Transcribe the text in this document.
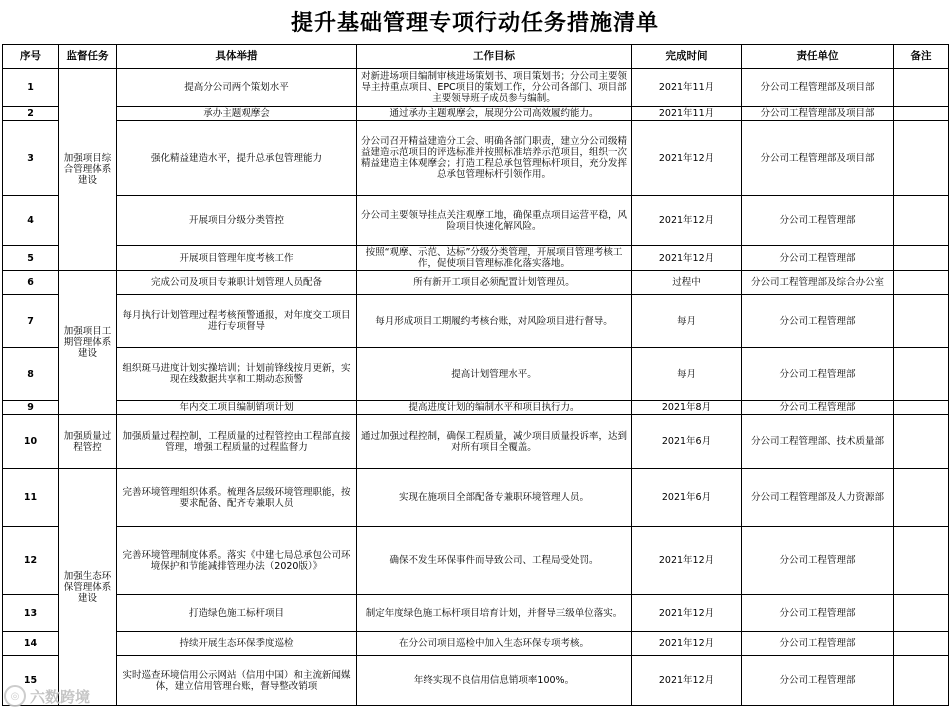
提升基础管理专项行动任务措施清单
序号	监督任务	具体举措	工作目标	完成时间	责任单位	备注
1	加强项目综合管理体系建设	提高分公司两个策划水平	对新进场项目编制审核进场策划书、项目策划书；分公司主要领导主持重点项目、EPC项目的策划工作，分公司各部门、项目部主要领导班子成员参与编制。	2021年11月	分公司工程管理部及项目部	
2		承办主题观摩会	通过承办主题观摩会，展现分公司高效履约能力。	2021年11月	分公司工程管理部及项目部	
3		强化精益建造水平，提升总承包管理能力	分公司召开精益建造分工会、明确各部门职责，建立分公司级精益建造示范项目的评选标准并按照标准培养示范项目，组织一次精益建造主体观摩会；打造工程总承包管理标杆项目，充分发挥总承包管理标杆引领作用。	2021年12月	分公司工程管理部及项目部	
4		开展项目分级分类管控	分公司主要领导挂点关注观摩工地，确保重点项目运营平稳，风险项目快速化解风险。	2021年12月	分公司工程管理部	
5		开展项目管理年度考核工作	按照“观摩、示范、达标”分级分类管理，开展项目管理考核工作，促使项目管理标准化落实落地。	2021年12月	分公司工程管理部	
6	加强项目工期管理体系建设	完成公司及项目专兼职计划管理人员配备	所有新开工项目必须配置计划管理员。	过程中	分公司工程管理部及综合办公室	
7		每月执行计划管理过程考核预警通报，对年度交工项目进行专项督导	每月形成项目工期履约考核台账，对风险项目进行督导。	每月	分公司工程管理部	
8		组织斑马进度计划实操培训；计划前锋线按月更新，实现在线数据共享和工期动态预警	提高计划管理水平。	每月	分公司工程管理部	
9		年内交工项目编制销项计划	提高进度计划的编制水平和项目执行力。	2021年8月	分公司工程管理部	
10	加强质量过程管控	加强质量过程控制，工程质量的过程管控由工程部直接管理，增强工程质量的过程监督力	通过加强过程控制，确保工程质量，减少项目质量投诉率，达到对所有项目全覆盖。	2021年6月	分公司工程管理部、技术质量部	
11	加强生态环保管理体系建设	完善环境管理组织体系。梳理各层级环境管理职能，按要求配备、配齐专兼职人员	实现在施项目全部配备专兼职环境管理人员。	2021年6月	分公司工程管理部及人力资源部	
12		完善环境管理制度体系。落实《中建七局总承包公司环境保护和节能减排管理办法（2020版）》	确保不发生环保事件而导致公司、工程局受处罚。	2021年12月	分公司工程管理部	
13		打造绿色施工标杆项目	制定年度绿色施工标杆项目培育计划，并督导三级单位落实。	2021年12月	分公司工程管理部	
14		持续开展生态环保季度巡检	在分公司项目巡检中加入生态环保专项考核。	2021年12月	分公司工程管理部	
15		实时巡查环境信用公示网站（信用中国）和主流新闻媒体，建立信用管理台账，督导整改销项	年终实现不良信用信息销项率100%。	2021年12月	分公司工程管理部	
◎ 六数跨境
